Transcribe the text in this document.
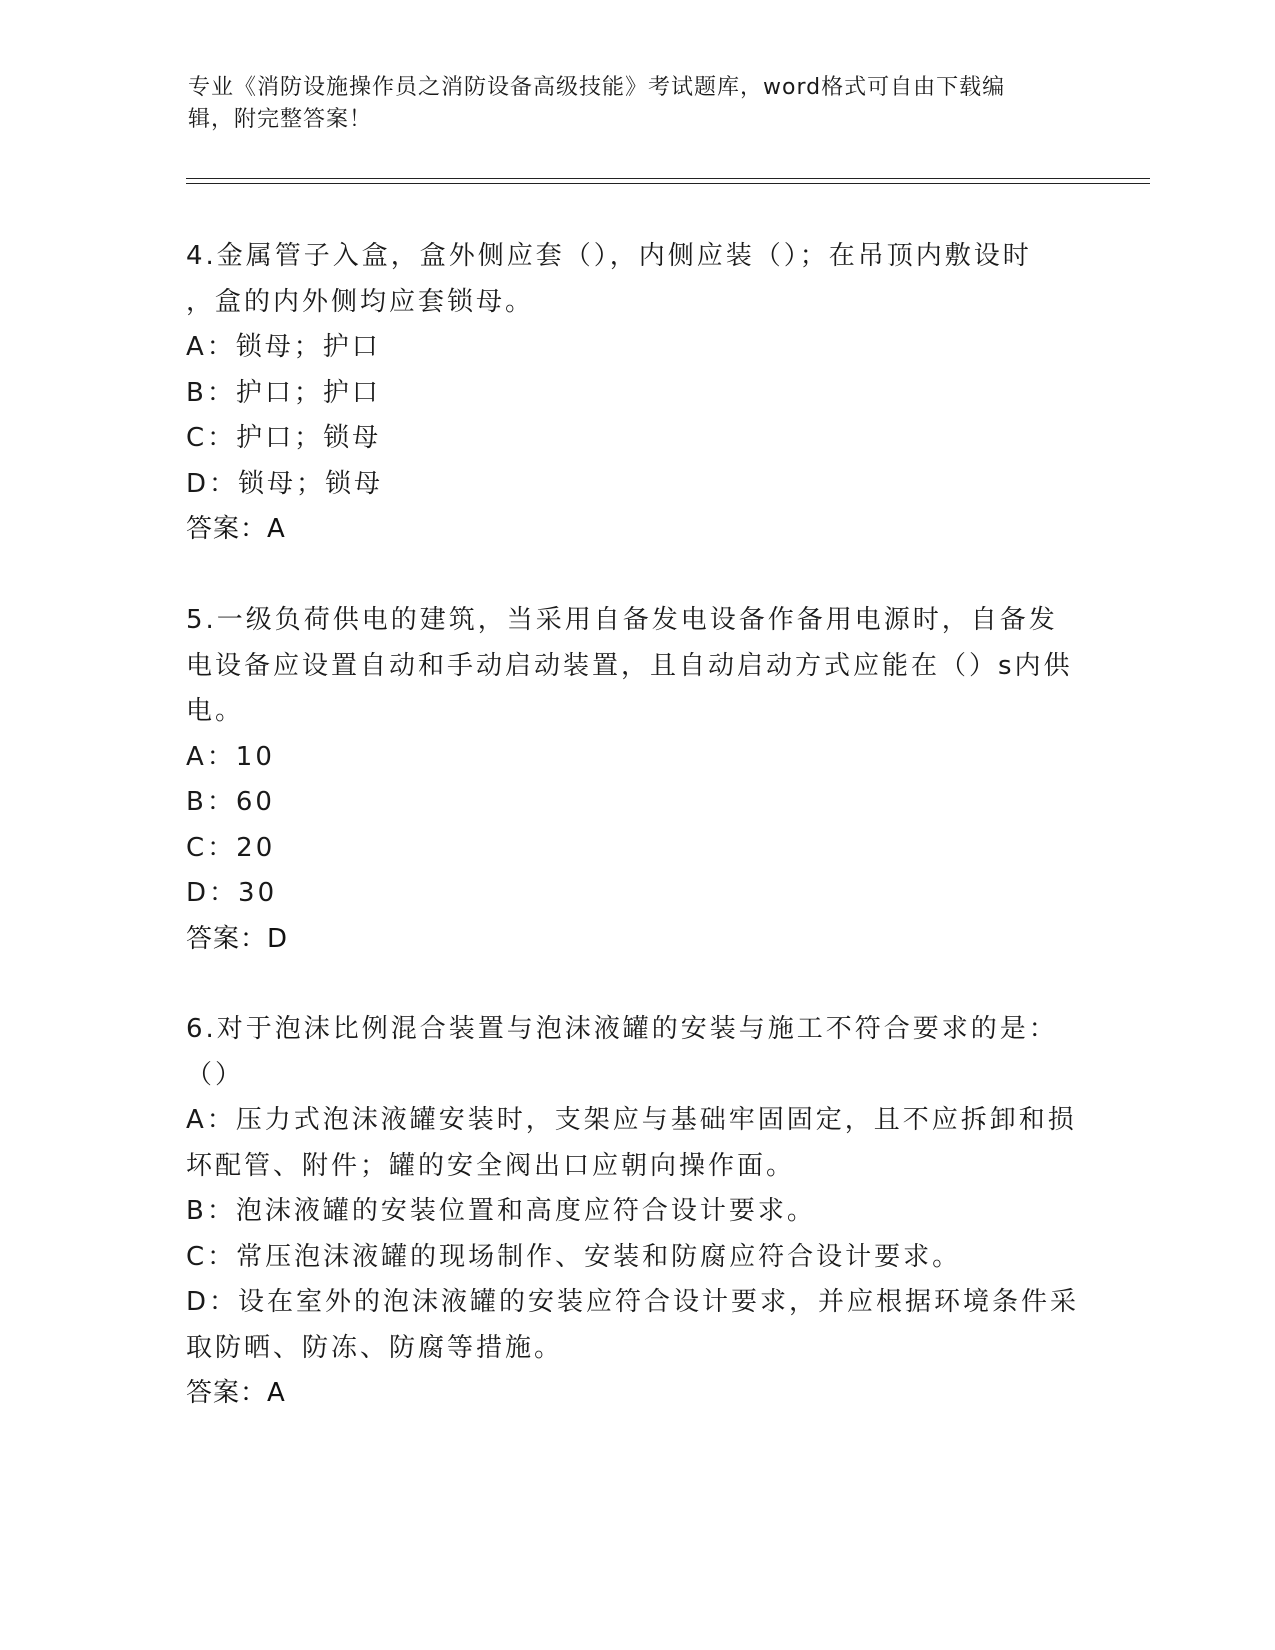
专业《消防设施操作员之消防设备高级技能》考试题库，word格式可自由下载编
辑，附完整答案！
4.金属管子入盒，盒外侧应套（），内侧应装（）；在吊顶内敷设时
，盒的内外侧均应套锁母。
A：锁母；护口
B：护口；护口
C：护口；锁母
D：锁母；锁母
答案：A
5.一级负荷供电的建筑，当采用自备发电设备作备用电源时，自备发
电设备应设置自动和手动启动装置，且自动启动方式应能在（）s内供
电。
A：10
B：60
C：20
D：30
答案：D
6.对于泡沫比例混合装置与泡沫液罐的安装与施工不符合要求的是：
（）
A：压力式泡沫液罐安装时，支架应与基础牢固固定，且不应拆卸和损
坏配管、附件；罐的安全阀出口应朝向操作面。
B：泡沫液罐的安装位置和高度应符合设计要求。
C：常压泡沫液罐的现场制作、安装和防腐应符合设计要求。
D：设在室外的泡沫液罐的安装应符合设计要求，并应根据环境条件采
取防晒、防冻、防腐等措施。
答案：A
